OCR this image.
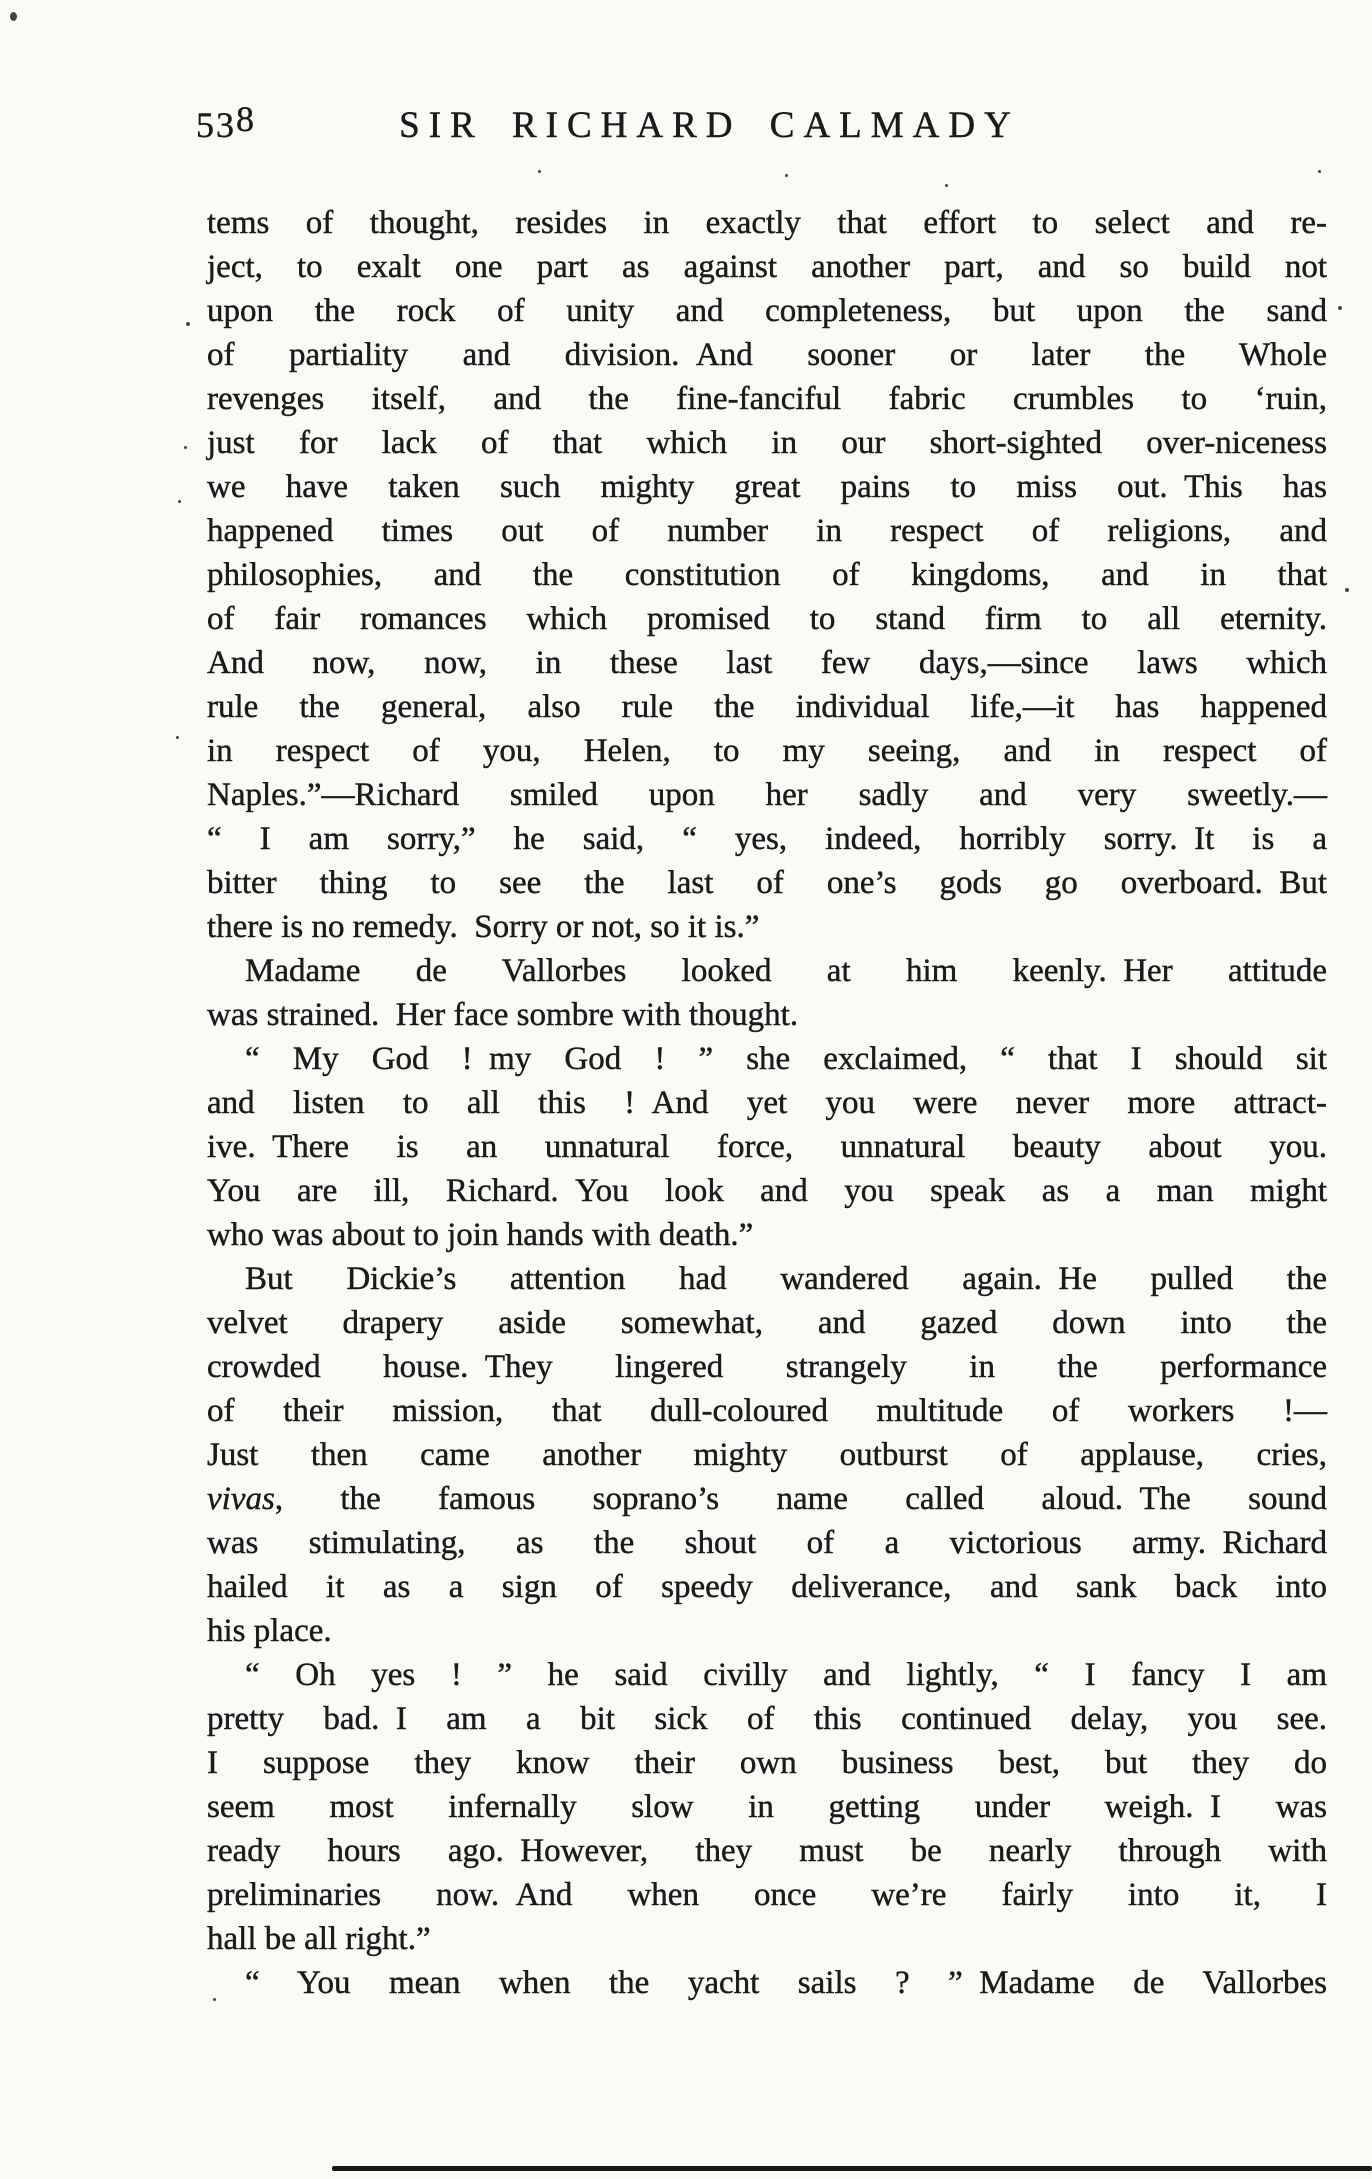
538	SIR RICHARD CALMADY
tems of thought, resides in exactly that effort to select and re-
ject, to exalt one part as against another part, and so build not
upon the rock of unity and completeness, but upon the sand
of partiality and division. And sooner or later the Whole
revenges itself, and the fine-fanciful fabric crumbles to ‘ruin,
just for lack of that which in our short-sighted over-niceness
we have taken such mighty great pains to miss out. This has
happened times out of number in respect of religions, and
philosophies, and the constitution of kingdoms, and in that
of fair romances which promised to stand firm to all eternity.
And now, now, in these last few days,—since laws which
rule the general, also rule the individual life,—it has happened
in respect of you, Helen, to my seeing, and in respect of
Naples.”—Richard smiled upon her sadly and very sweetly.—
“ I am sorry,” he said, “ yes, indeed, horribly sorry. It is a
bitter thing to see the last of one’s gods go overboard. But
there is no remedy. Sorry or not, so it is.”
Madame de Vallorbes looked at him keenly. Her attitude
was strained. Her face sombre with thought.
“ My God ! my God ! ” she exclaimed, “ that I should sit
and listen to all this ! And yet you were never more attract-
ive. There is an unnatural force, unnatural beauty about you.
You are ill, Richard. You look and you speak as a man might
who was about to join hands with death.”
But Dickie’s attention had wandered again. He pulled the
velvet drapery aside somewhat, and gazed down into the
crowded house. They lingered strangely in the performance
of their mission, that dull-coloured multitude of workers !—
Just then came another mighty outburst of applause, cries,
vivas, the famous soprano’s name called aloud. The sound
was stimulating, as the shout of a victorious army. Richard
hailed it as a sign of speedy deliverance, and sank back into
his place.
“ Oh yes ! ” he said civilly and lightly, “ I fancy I am
pretty bad. I am a bit sick of this continued delay, you see.
I suppose they know their own business best, but they do
seem most infernally slow in getting under weigh. I was
ready hours ago. However, they must be nearly through with
preliminaries now. And when once we’re fairly into it, I
hall be all right.”
“ You mean when the yacht sails ? ” Madame de Vallorbes
